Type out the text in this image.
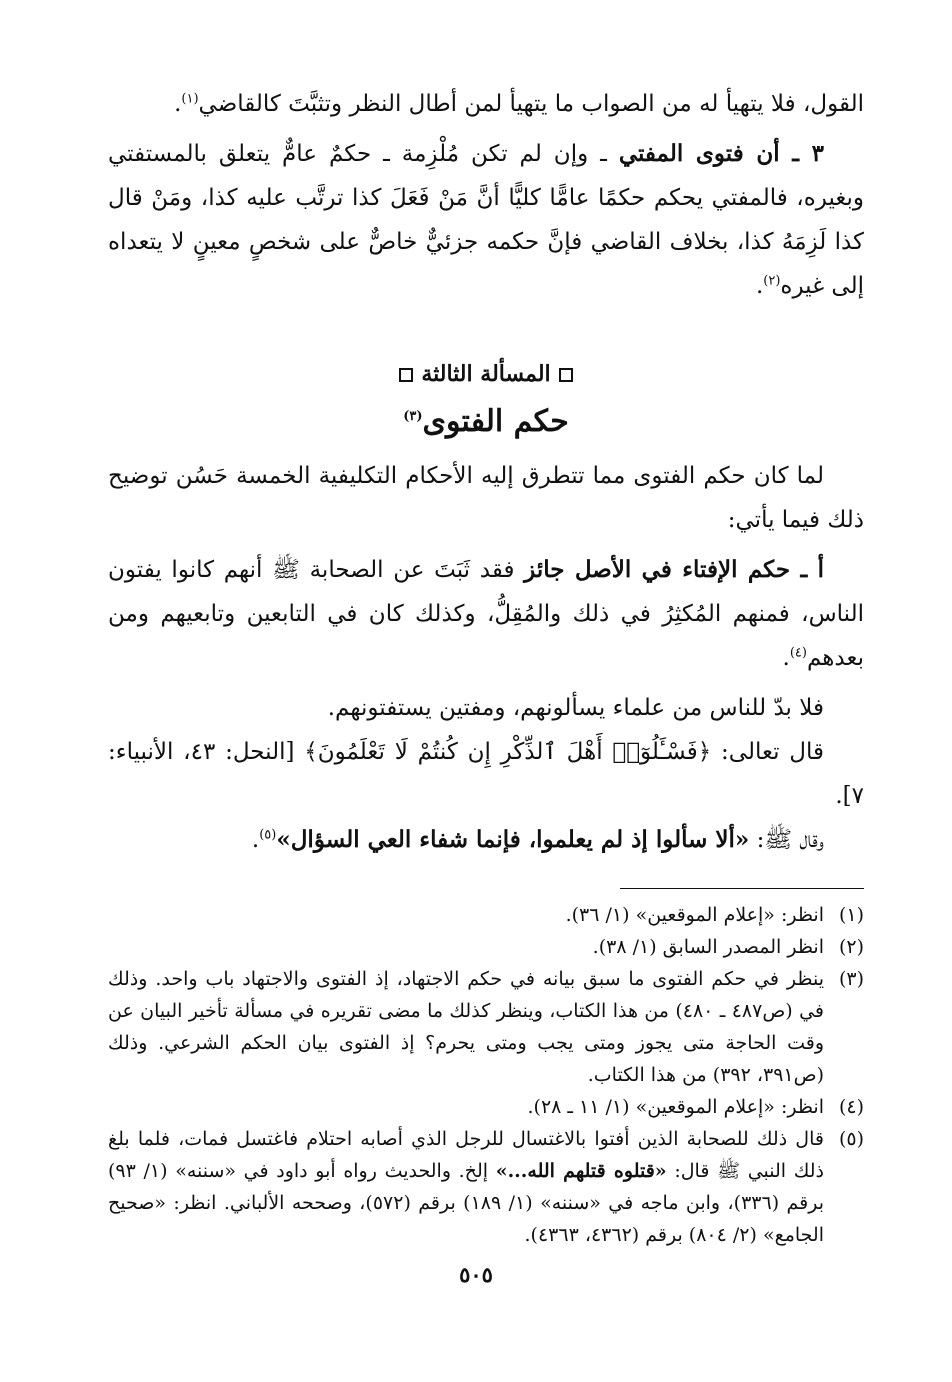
القول، فلا يتهيأ له من الصواب ما يتهيأ لمن أطال النظر وتثبَّتَ كالقاضي$^{(١)}$.

٣ ـ أن فتوى المفتي ـ وإن لم تكن مُلْزِمة ـ حكمٌ عامٌّ يتعلق بالمستفتي وبغيره، فالمفتي يحكم حكمًا عامًّا كليًّا أنَّ مَنْ فَعَلَ كذا ترتَّب عليه كذا، ومَنْ قال كذا لَزِمَهُ كذا، بخلاف القاضي فإنَّ حكمه جزئيٌّ خاصٌّ على شخصٍ معينٍ لا يتعداه إلى غيره$^{(٢)}$.

المسألة الثالثة
حكم الفتوى$^{(٣)}$

لما كان حكم الفتوى مما تتطرق إليه الأحكام التكليفية الخمسة حَسُن توضيح ذلك فيما يأتي:

أ ـ حكم الإفتاء في الأصل جائز فقد ثَبَتَ عن الصحابة ﷺ أنهم كانوا يفتون الناس، فمنهم المُكثِرُ في ذلك والمُقِلُّ، وكذلك كان في التابعين وتابعيهم ومن بعدهم$^{(٤)}$.

فلا بدّ للناس من علماء يسألونهم، ومفتين يستفتونهم.

قال تعالى: ﴿فَسْـَٔلُوٓا۟ أَهْلَ ٱلذِّكْرِ إِن كُنتُمْ لَا تَعْلَمُونَ﴾ [النحل: ٤٣، الأنبياء: ٧].

وقال ﷺ: «ألا سألوا إذ لم يعلموا، فإنما شفاء العي السؤال»$^{(٥)}$.

(١)
انظر: «إعلام الموقعين» (١/ ٣٦).
(٢)
انظر المصدر السابق (١/ ٣٨).
(٣)
ينظر في حكم الفتوى ما سبق بيانه في حكم الاجتهاد، إذ الفتوى والاجتهاد باب واحد. وذلك في (ص٤٨٧ ـ ٤٨٠) من هذا الكتاب، وينظر كذلك ما مضى تقريره في مسألة تأخير البيان عن وقت الحاجة متى يجوز ومتى يجب ومتى يحرم؟ إذ الفتوى بيان الحكم الشرعي. وذلك (ص٣٩١، ٣٩٢) من هذا الكتاب.
(٤)
انظر: «إعلام الموقعين» (١/ ١١ ـ ٢٨).
(٥)
قال ذلك للصحابة الذين أفتوا بالاغتسال للرجل الذي أصابه احتلام فاغتسل فمات، فلما بلغ ذلك النبي ﷺ قال: «قتلوه قتلهم الله...» إلخ. والحديث رواه أبو داود في «سننه» (١/ ٩٣) برقم (٣٣٦)، وابن ماجه في «سننه» (١/ ١٨٩) برقم (٥٧٢)، وصححه الألباني. انظر: «صحيح الجامع» (٢/ ٨٠٤) برقم (٤٣٦٢، ٤٣٦٣).
٥٠٥
